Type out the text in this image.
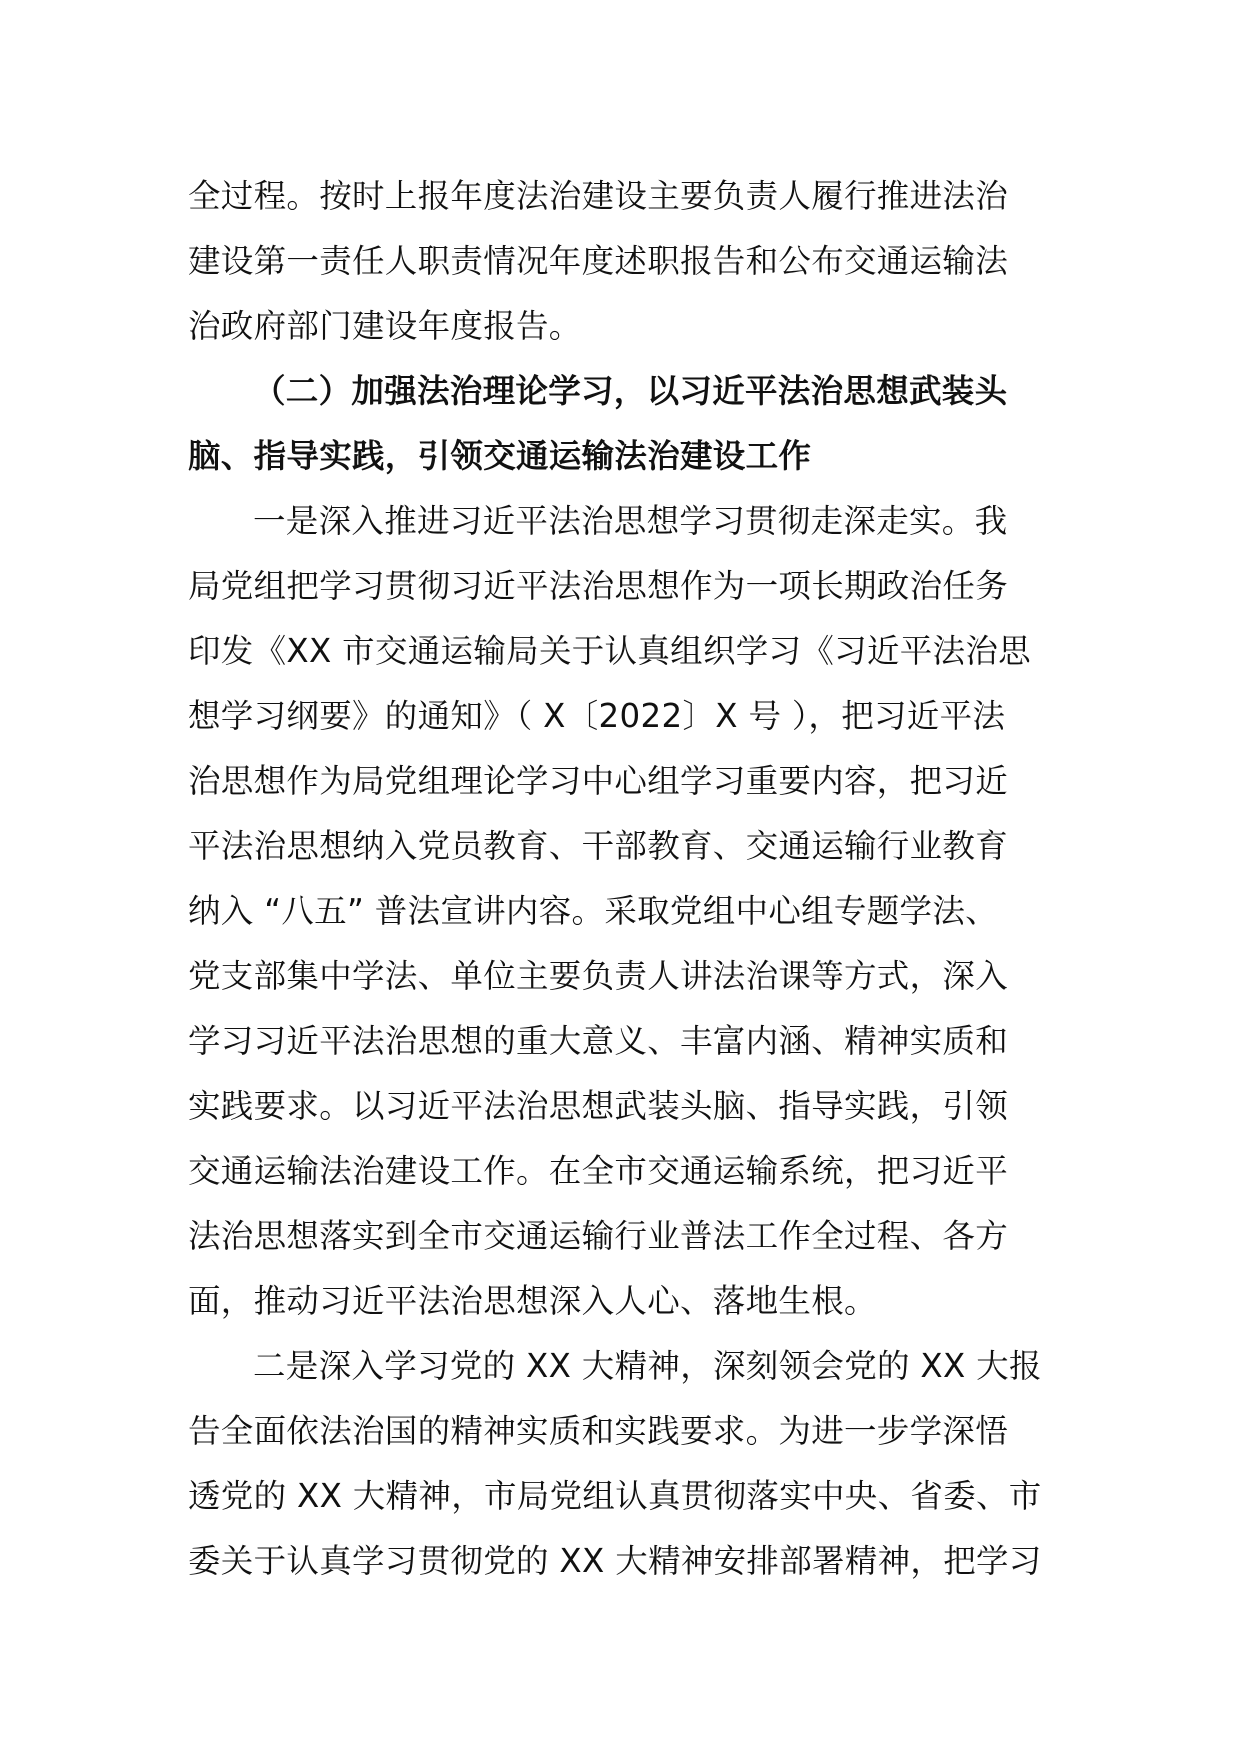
全过程。按时上报年度法治建设主要负责人履行推进法治
建设第一责任人职责情况年度述职报告和公布交通运输法
治政府部门建设年度报告。
（二）加强法治理论学习，以习近平法治思想武装头
脑、指导实践，引领交通运输法治建设工作
一是深入推进习近平法治思想学习贯彻走深走实。我
局党组把学习贯彻习近平法治思想作为一项长期政治任务
印发《XX 市交通运输局关于认真组织学习《习近平法治思
想学习纲要》的通知》（ X〔2022〕X 号 ），把习近平法
治思想作为局党组理论学习中心组学习重要内容，把习近
平法治思想纳入党员教育、干部教育、交通运输行业教育
纳入 “八五” 普法宣讲内容。采取党组中心组专题学法、
党支部集中学法、单位主要负责人讲法治课等方式，深入
学习习近平法治思想的重大意义、丰富内涵、精神实质和
实践要求。以习近平法治思想武装头脑、指导实践，引领
交通运输法治建设工作。在全市交通运输系统，把习近平
法治思想落实到全市交通运输行业普法工作全过程、各方
面，推动习近平法治思想深入人心、落地生根。
二是深入学习党的 XX 大精神，深刻领会党的 XX 大报
告全面依法治国的精神实质和实践要求。为进一步学深悟
透党的 XX 大精神，市局党组认真贯彻落实中央、省委、市
委关于认真学习贯彻党的 XX 大精神安排部署精神，把学习
